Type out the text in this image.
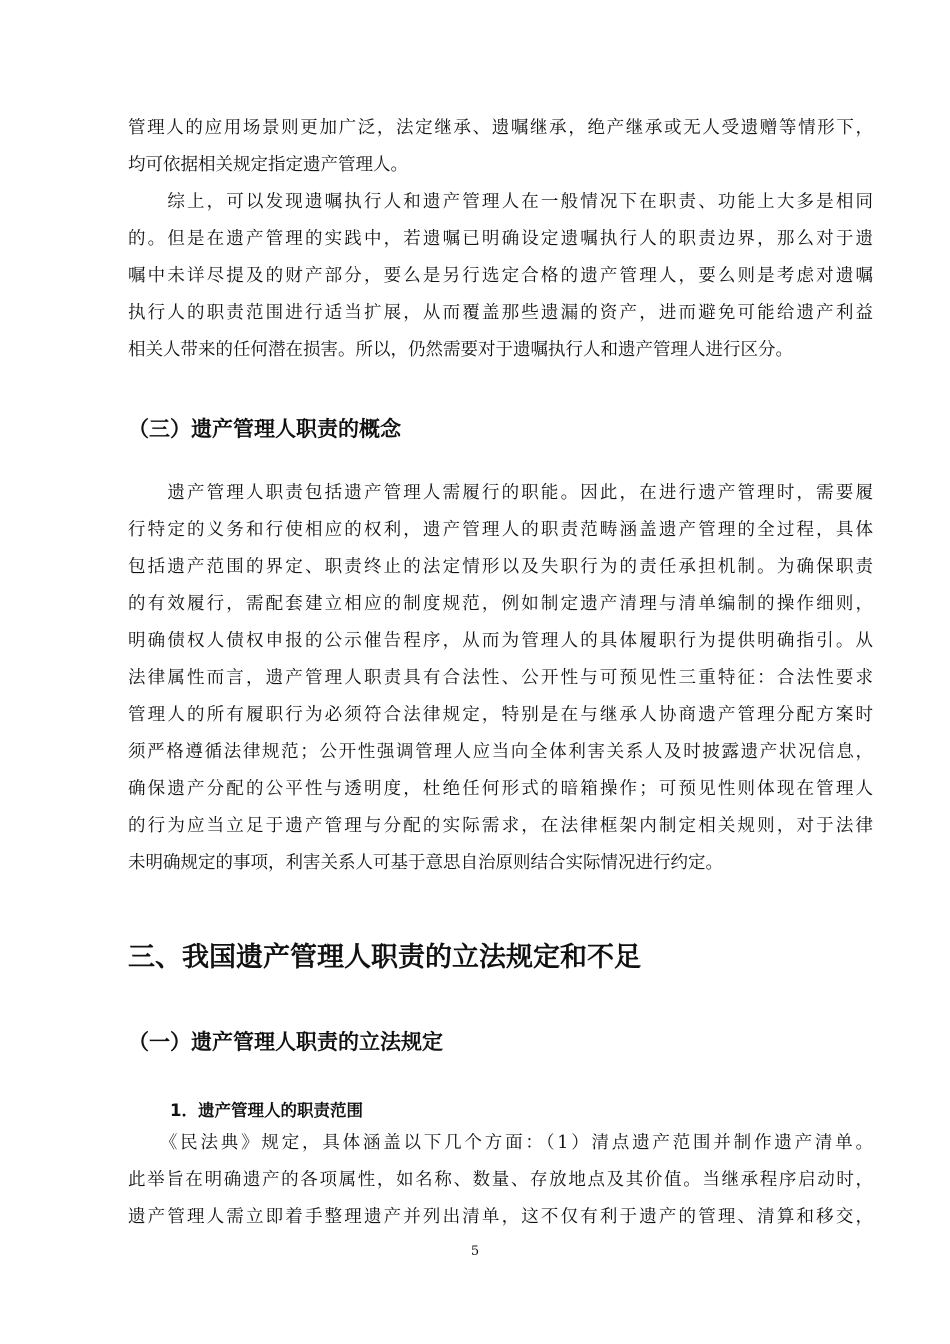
管理人的应用场景则更加广泛，法定继承、遗嘱继承，绝产继承或无人受遗赠等情形下，
均可依据相关规定指定遗产管理人。
　　综上，可以发现遗嘱执行人和遗产管理人在一般情况下在职责、功能上大多是相同
的。但是在遗产管理的实践中，若遗嘱已明确设定遗嘱执行人的职责边界，那么对于遗
嘱中未详尽提及的财产部分，要么是另行选定合格的遗产管理人，要么则是考虑对遗嘱
执行人的职责范围进行适当扩展，从而覆盖那些遗漏的资产，进而避免可能给遗产利益
相关人带来的任何潜在损害。所以，仍然需要对于遗嘱执行人和遗产管理人进行区分。
（三）遗产管理人职责的概念
　　遗产管理人职责包括遗产管理人需履行的职能。因此，在进行遗产管理时，需要履
行特定的义务和行使相应的权利，遗产管理人的职责范畴涵盖遗产管理的全过程，具体
包括遗产范围的界定、职责终止的法定情形以及失职行为的责任承担机制。为确保职责
的有效履行，需配套建立相应的制度规范，例如制定遗产清理与清单编制的操作细则，
明确债权人债权申报的公示催告程序，从而为管理人的具体履职行为提供明确指引。从
法律属性而言，遗产管理人职责具有合法性、公开性与可预见性三重特征：合法性要求
管理人的所有履职行为必须符合法律规定，特别是在与继承人协商遗产管理分配方案时
须严格遵循法律规范；公开性强调管理人应当向全体利害关系人及时披露遗产状况信息，
确保遗产分配的公平性与透明度，杜绝任何形式的暗箱操作；可预见性则体现在管理人
的行为应当立足于遗产管理与分配的实际需求，在法律框架内制定相关规则，对于法律
未明确规定的事项，利害关系人可基于意思自治原则结合实际情况进行约定。
三、我国遗产管理人职责的立法规定和不足
（一）遗产管理人职责的立法规定
1．遗产管理人的职责范围
　　《民法典》规定，具体涵盖以下几个方面：（1）清点遗产范围并制作遗产清单。
此举旨在明确遗产的各项属性，如名称、数量、存放地点及其价值。当继承程序启动时，
遗产管理人需立即着手整理遗产并列出清单，这不仅有利于遗产的管理、清算和移交，
5
